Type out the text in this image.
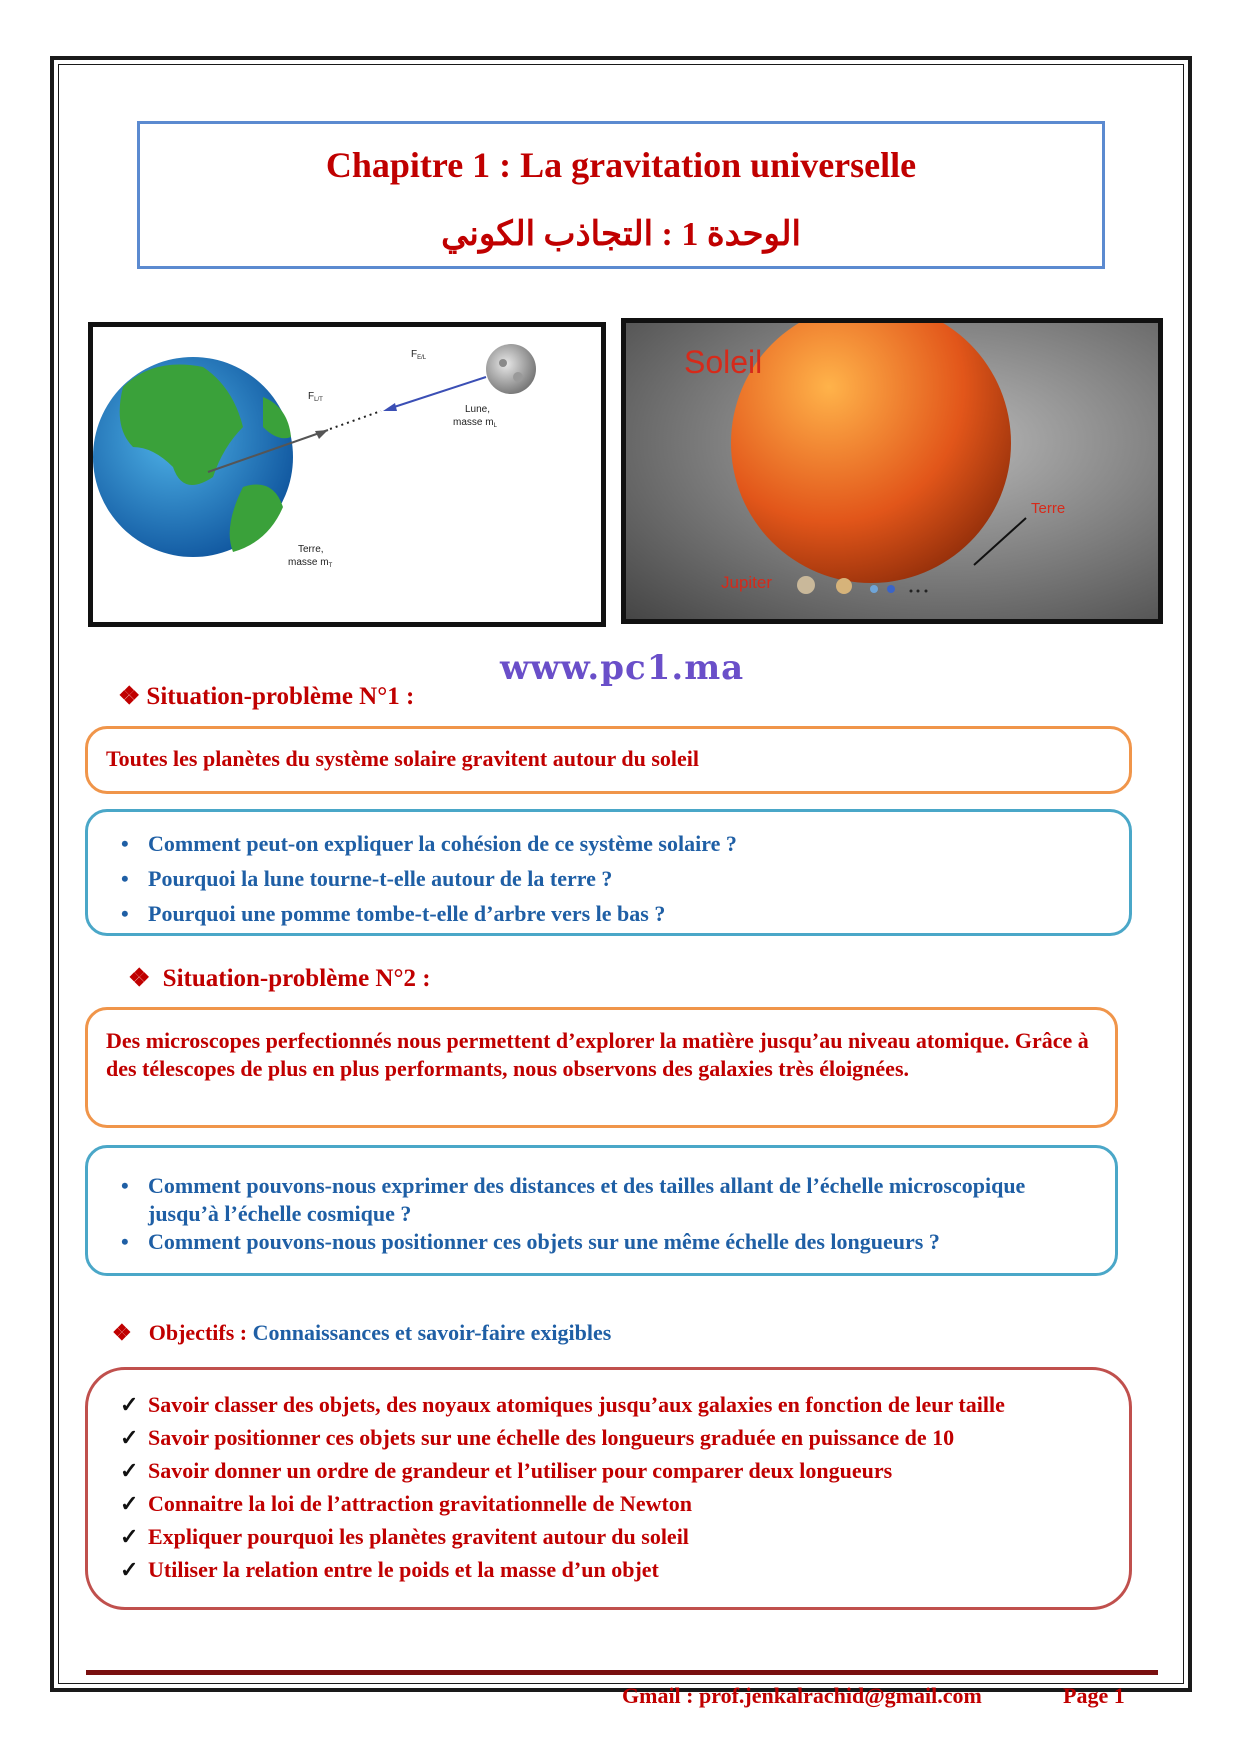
Chapitre 1 : La gravitation universelle
الوحدة 1 : التجاذب الكوني
$F_{E/L}$
$F_{L/T}$
Lune,
masse $m_L$
Terre,
masse $m_T$
Soleil
Terre
Jupiter
www.pc1.ma
❖ Situation-problème N°1 :
Toutes les planètes du système solaire gravitent autour du soleil
• Comment peut-on expliquer la cohésion de ce système solaire ?
• Pourquoi la lune tourne-t-elle autour de la terre ?
• Pourquoi une pomme tombe-t-elle d’arbre vers le bas ?
❖ Situation-problème N°2 :
Des microscopes perfectionnés nous permettent d’explorer la matière jusqu’au niveau atomique. Grâce à des télescopes de plus en plus performants, nous observons des galaxies très éloignées.
• Comment pouvons-nous exprimer des distances et des tailles allant de l’échelle microscopique jusqu’à l’échelle cosmique ?
• Comment pouvons-nous positionner ces objets sur une même échelle des longueurs ?
❖ Objectifs : Connaissances et savoir-faire exigibles
✓ Savoir classer des objets, des noyaux atomiques jusqu’aux galaxies en fonction de leur taille
✓ Savoir positionner ces objets sur une échelle des longueurs graduée en puissance de 10
✓ Savoir donner un ordre de grandeur et l’utiliser pour comparer deux longueurs
✓ Connaitre la loi de l’attraction gravitationnelle de Newton
✓ Expliquer pourquoi les planètes gravitent autour du soleil
✓ Utiliser la relation entre le poids et la masse d’un objet
Gmail : prof.jenkalrachid@gmail.com	Page 1
